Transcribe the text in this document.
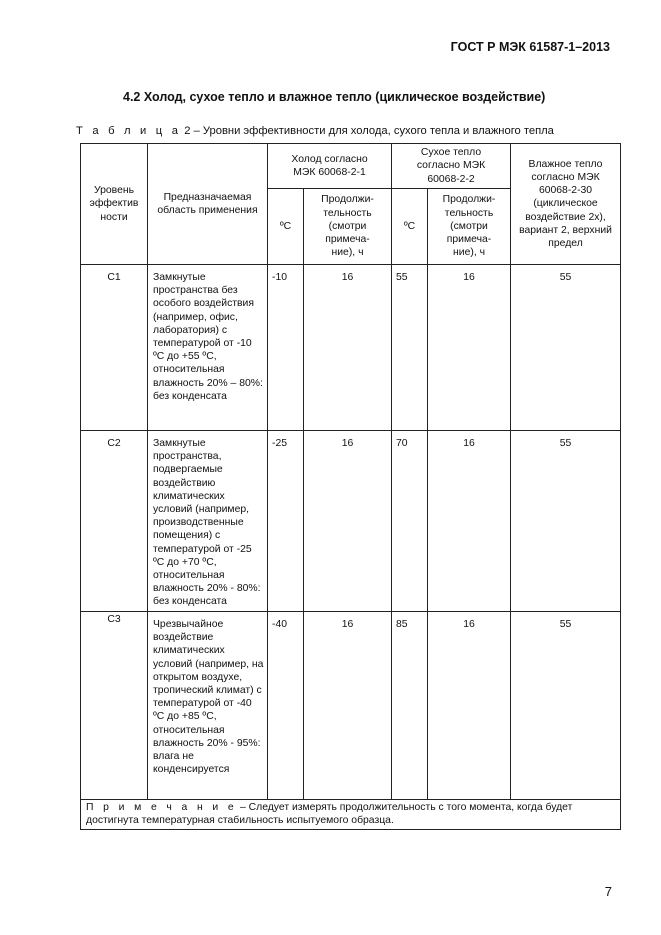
ГОСТ Р МЭК 61587-1–2013
4.2 Холод, сухое тепло и влажное тепло (циклическое воздействие)
Т а б л и ц а 2 – Уровни эффективности для холода, сухого тепла и влажного тепла
Уровень эффектив ности	Предназначаемая область применения	Холод согласно МЭК 60068-2-1		Сухое тепло согласно МЭК 60068-2-2		Влажное тепло согласно МЭК 60068-2-30 (циклическое воздействие 2х), вариант 2, верхний предел
		ºС	Продолжи-тельность (смотри примеча-ние), ч	ºС	Продолжи-тельность (смотри примеча-ние), ч	
С1	Замкнутые пространства без особого воздействия (например, офис, лаборатория) с температурой от -10 ºС до +55 ºС, относительная влажность 20% – 80%: без конденсата	-10	16	55	16	55
С2	Замкнутые пространства, подвергаемые воздействию климатических условий (например, производственные помещения) с температурой от -25 ºС до +70 ºС, относительная влажность 20% - 80%: без конденсата	-25	16	70	16	55
С3	Чрезвычайное воздействие климатических условий (например, на открытом воздухе, тропический климат) с температурой от -40 ºС до +85 ºС, относительная влажность 20% - 95%: влага не конденсируется	-40	16	85	16	55
П р и м е ч а н и е – Следует измерять продолжительность с того момента, когда будет достигнута температурная стабильность испытуемого образца.						
7
